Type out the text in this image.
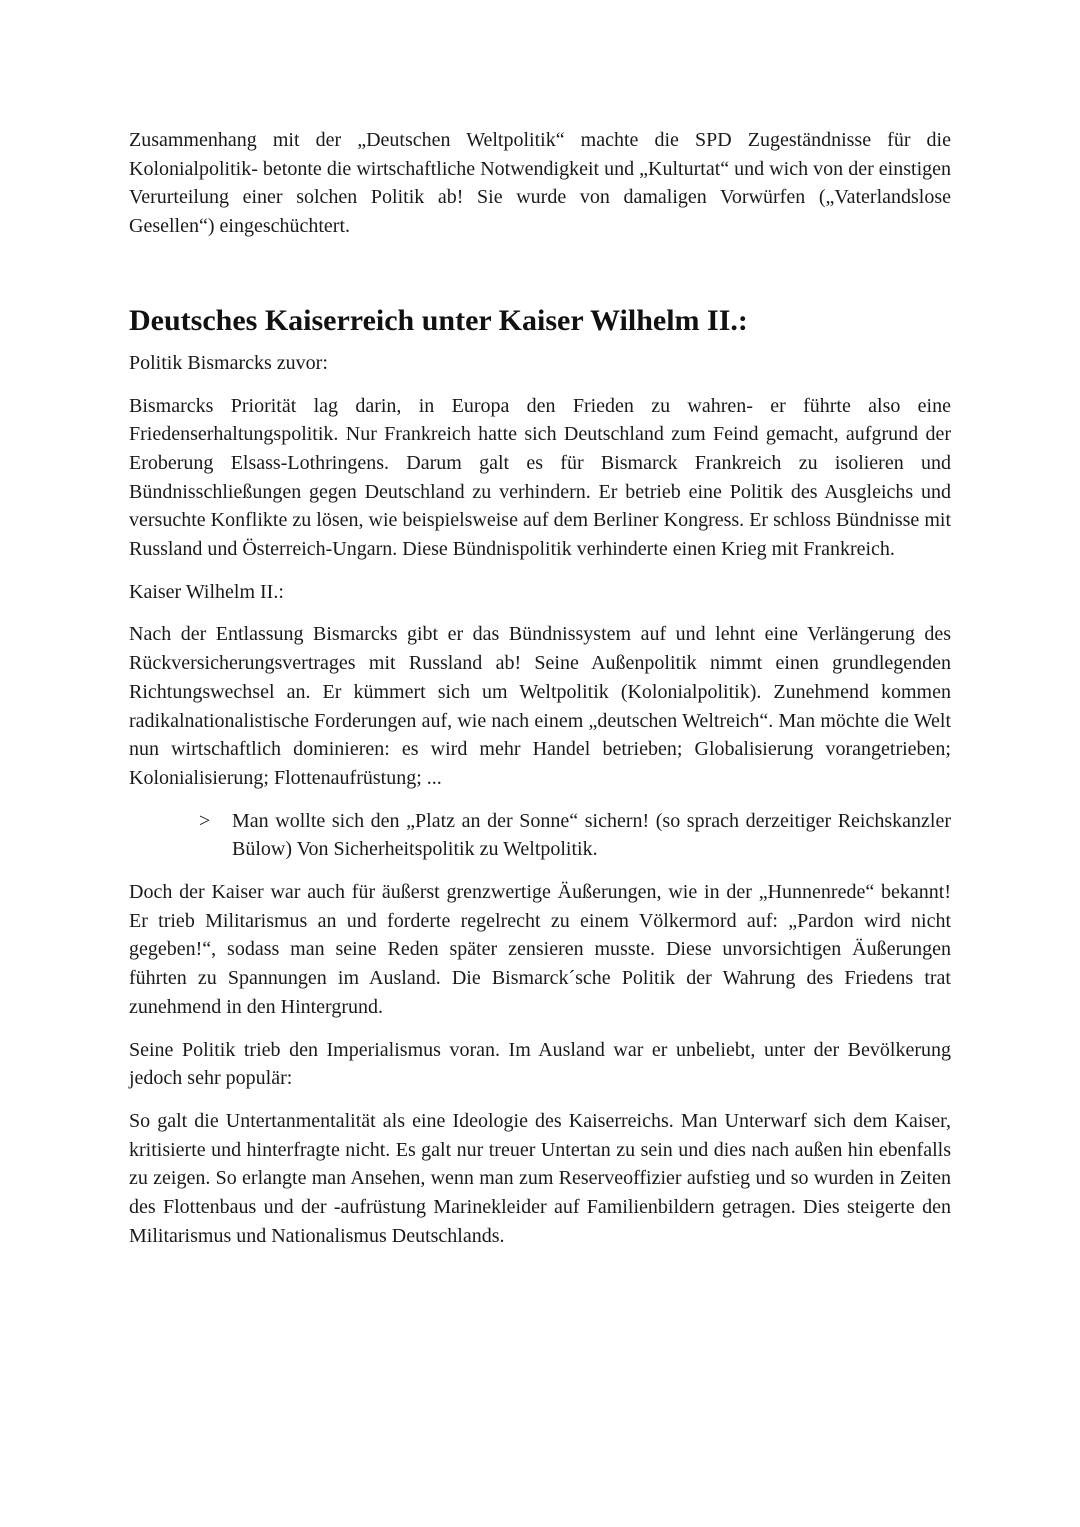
Zusammenhang mit der „Deutschen Weltpolitik“ machte die SPD Zugeständnisse für die Kolonialpolitik- betonte die wirtschaftliche Notwendigkeit und „Kulturtat“ und wich von der einstigen Verurteilung einer solchen Politik ab! Sie wurde von damaligen Vorwürfen („Vaterlandslose Gesellen“) eingeschüchtert.

Deutsches Kaiserreich unter Kaiser Wilhelm II.:

Politik Bismarcks zuvor:

Bismarcks Priorität lag darin, in Europa den Frieden zu wahren- er führte also eine Friedenserhaltungspolitik. Nur Frankreich hatte sich Deutschland zum Feind gemacht, aufgrund der Eroberung Elsass-Lothringens. Darum galt es für Bismarck Frankreich zu isolieren und Bündnisschließungen gegen Deutschland zu verhindern. Er betrieb eine Politik des Ausgleichs und versuchte Konflikte zu lösen, wie beispielsweise auf dem Berliner Kongress. Er schloss Bündnisse mit Russland und Österreich-Ungarn. Diese Bündnispolitik verhinderte einen Krieg mit Frankreich.

Kaiser Wilhelm II.:

Nach der Entlassung Bismarcks gibt er das Bündnissystem auf und lehnt eine Verlängerung des Rückversicherungsvertrages mit Russland ab! Seine Außenpolitik nimmt einen grundlegenden Richtungswechsel an. Er kümmert sich um Weltpolitik (Kolonialpolitik). Zunehmend kommen radikalnationalistische Forderungen auf, wie nach einem „deutschen Weltreich“. Man möchte die Welt nun wirtschaftlich dominieren: es wird mehr Handel betrieben; Globalisierung vorangetrieben; Kolonialisierung; Flottenaufrüstung; ...

> Man wollte sich den „Platz an der Sonne“ sichern! (so sprach derzeitiger Reichskanzler Bülow) Von Sicherheitspolitik zu Weltpolitik.

Doch der Kaiser war auch für äußerst grenzwertige Äußerungen, wie in der „Hunnenrede“ bekannt! Er trieb Militarismus an und forderte regelrecht zu einem Völkermord auf: „Pardon wird nicht gegeben!“, sodass man seine Reden später zensieren musste. Diese unvorsichtigen Äußerungen führten zu Spannungen im Ausland. Die Bismarck´sche Politik der Wahrung des Friedens trat zunehmend in den Hintergrund.

Seine Politik trieb den Imperialismus voran. Im Ausland war er unbeliebt, unter der Bevölkerung jedoch sehr populär:

So galt die Untertanmentalität als eine Ideologie des Kaiserreichs. Man Unterwarf sich dem Kaiser, kritisierte und hinterfragte nicht. Es galt nur treuer Untertan zu sein und dies nach außen hin ebenfalls zu zeigen. So erlangte man Ansehen, wenn man zum Reserveoffizier aufstieg und so wurden in Zeiten des Flottenbaus und der -aufrüstung Marinekleider auf Familienbildern getragen. Dies steigerte den Militarismus und Nationalismus Deutschlands.
